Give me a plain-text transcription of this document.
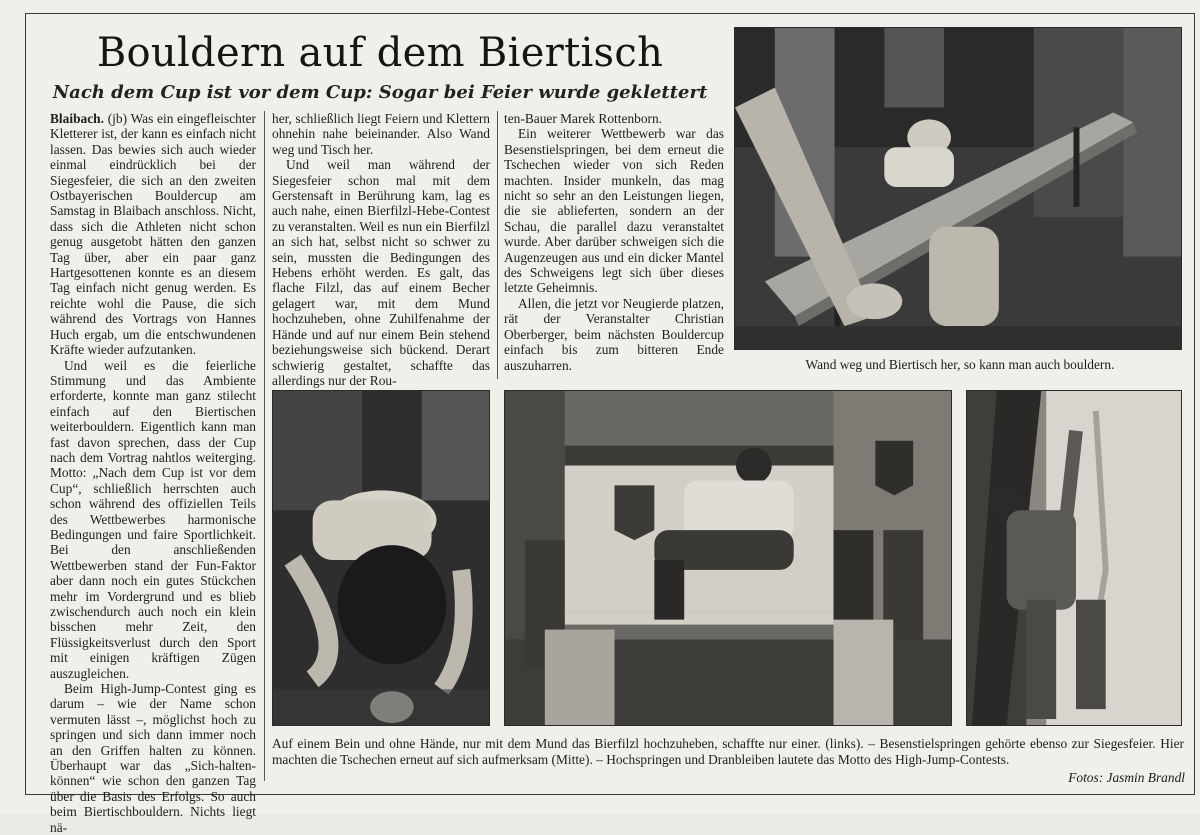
Bouldern auf dem Biertisch
Nach dem Cup ist vor dem Cup: Sogar bei Feier wurde geklettert

Blaibach. (jb) Was ein eingefleischter Kletterer ist, der kann es einfach nicht lassen. Das bewies sich auch wieder einmal eindrücklich bei der Siegesfeier, die sich an den zweiten Ostbayerischen Bouldercup am Samstag in Blaibach anschloss. Nicht, dass sich die Athleten nicht schon genug ausgetobt hätten den ganzen Tag über, aber ein paar ganz Hartgesottenen konnte es an diesem Tag einfach nicht genug werden. Es reichte wohl die Pause, die sich während des Vortrags von Hannes Huch ergab, um die entschwundenen Kräfte wieder aufzutanken.

Und weil es die feierliche Stimmung und das Ambiente erforderte, konnte man ganz stilecht einfach auf den Biertischen weiterbouldern. Eigentlich kann man fast davon sprechen, dass der Cup nach dem Vortrag nahtlos weiterging. Motto: „Nach dem Cup ist vor dem Cup“, schließlich herrschten auch schon während des offiziellen Teils des Wettbewerbes harmonische Bedingungen und faire Sportlichkeit. Bei den anschließenden Wettbewerben stand der Fun-Faktor aber dann noch ein gutes Stückchen mehr im Vordergrund und es blieb zwischendurch auch noch ein klein bisschen mehr Zeit, den Flüssigkeitsverlust durch den Sport mit einigen kräftigen Zügen auszugleichen.

Beim High-Jump-Contest ging es darum – wie der Name schon vermuten lässt –, möglichst hoch zu springen und sich dann immer noch an den Griffen halten zu können. Überhaupt war das „Sich-halten-können“ wie schon den ganzen Tag über die Basis des Erfolgs. So auch beim Biertischbouldern. Nichts liegt nä-

her, schließlich liegt Feiern und Klettern ohnehin nahe beieinander. Also Wand weg und Tisch her.

Und weil man während der Siegesfeier schon mal mit dem Gerstensaft in Berührung kam, lag es auch nahe, einen Bierfilzl-Hebe-Contest zu veranstalten. Weil es nun ein Bierfilzl an sich hat, selbst nicht so schwer zu sein, mussten die Bedingungen des Hebens erhöht werden. Es galt, das flache Filzl, das auf einem Becher gelagert war, mit dem Mund hochzuheben, ohne Zuhilfenahme der Hände und auf nur einem Bein stehend beziehungsweise sich bückend. Derart schwierig gestaltet, schaffte das allerdings nur der Rou-

ten-Bauer Marek Rottenborn.

Ein weiterer Wettbewerb war das Besenstielspringen, bei dem erneut die Tschechen wieder von sich Reden machten. Insider munkeln, das mag nicht so sehr an den Leistungen liegen, die sie ablieferten, sondern an der Schau, die parallel dazu veranstaltet wurde. Aber darüber schweigen sich die Augenzeugen aus und ein dicker Mantel des Schweigens legt sich über dieses letzte Geheimnis.

Allen, die jetzt vor Neugierde platzen, rät der Veranstalter Christian Oberberger, beim nächsten Bouldercup einfach bis zum bitteren Ende auszuharren.	Wand weg und Biertisch her, so kann man auch bouldern.

Auf einem Bein und ohne Hände, nur mit dem Mund das Bierfilzl hochzuheben, schaffte nur einer. (links). – Besenstielspringen gehörte ebenso zur Siegesfeier. Hier machten die Tschechen erneut auf sich aufmerksam (Mitte). – Hochspringen und Dranbleiben lautete das Motto des High-Jump-Contests.

Fotos: Jasmin Brandl
